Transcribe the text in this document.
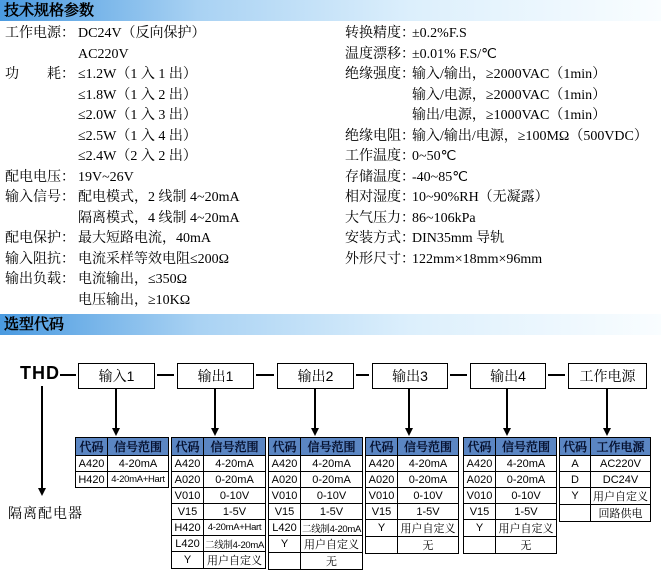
技术规格参数
工作电源： DC24V（反向保护）
AC220V
功　　耗： ≤1.2W（1 入 1 出）
≤1.8W（1 入 2 出）
≤2.0W（1 入 3 出）
≤2.5W（1 入 4 出）
≤2.4W（2 入 2 出）
配电电压： 19V~26V
输入信号： 配电模式，2 线制 4~20mA
隔离模式，4 线制 4~20mA
配电保护： 最大短路电流，40mA
输入阻抗： 电流采样等效电阻≤200Ω
输出负载： 电流输出，≤350Ω
电压输出，≥10KΩ
转换精度：
±0.2%F.S
温度漂移：
±0.01% F.S/℃
绝缘强度：
输入/输出，≥2000VAC（1min）
输入/电源，≥2000VAC（1min）
输出/电源，≥1000VAC（1min）
绝缘电阻：
输入/输出/电源，≥100MΩ（500VDC）
工作温度：
0~50℃
存储温度：
-40~85℃
相对湿度：
10~90%RH（无凝露）
大气压力：
86~106kPa
安装方式：
DIN35mm 导轨
外形尺寸：
122mm×18mm×96mm
选型代码
THD
隔离配电器
输入1	输出1	输出2	输出3	输出4	工作电源
代码	信号范围
A420	4-20mA
H420	4-20mA+Hart
代码	信号范围
A420	4-20mA
A020	0-20mA
V010	0-10V
V15	1-5V
H420	4-20mA+Hart
L420	二线制4-20mA
Y	用户自定义
代码	信号范围
A420	4-20mA
A020	0-20mA
V010	0-10V
V15	1-5V
L420	二线制4-20mA
Y	用户自定义
	无
代码	信号范围
A420	4-20mA
A020	0-20mA
V010	0-10V
V15	1-5V
Y	用户自定义
	无
代码	信号范围
A420	4-20mA
A020	0-20mA
V010	0-10V
V15	1-5V
Y	用户自定义
	无
代码	工作电源
A	AC220V
D	DC24V
Y	用户自定义
	回路供电
